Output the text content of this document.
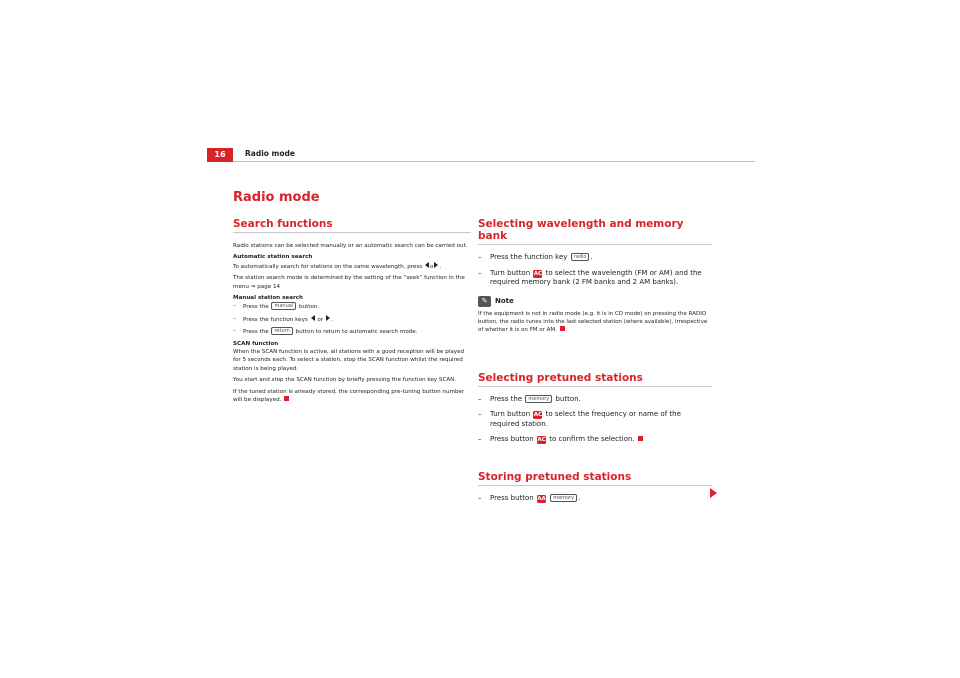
16	Radio mode
Radio mode
Search functions

Radio stations can be selected manually or an automatic search can be carried out.

Automatic station search

To automatically search for stations on the same wavelength, press o .

The station search mode is determined by the setting of the “seek” function in the menu ⇒ page 14

Manual station search

– Press the manual button.
– Press the function keys or .
– Press the return button to return to automatic search mode.

SCAN function

When the SCAN function is active, all stations with a good reception will be played for 5 seconds each. To select a station, stop the SCAN function whilst the required station is being played.

You start and stop the SCAN function by briefly pressing the function key SCAN.

If the tuned station is already stored, the corresponding pre-tuning button number will be displayed.

Selecting wavelength and memory bank
– Press the function key radio .
– Turn button AC to select the wavelength (FM or AM) and the required memory bank (2 FM banks and 2 AM banks).
✎	Note

If the equipment is not in radio mode (e.g. it is in CD mode) on pressing the RADIO button, the radio tunes into the last selected station (where available), irrespective of whether it is on FM or AM.

Selecting pretuned stations
– Press the memory button.
– Turn button AC to select the frequency or name of the required station.
– Press button AC to confirm the selection.
Storing pretuned stations
– Press button AA memory .
